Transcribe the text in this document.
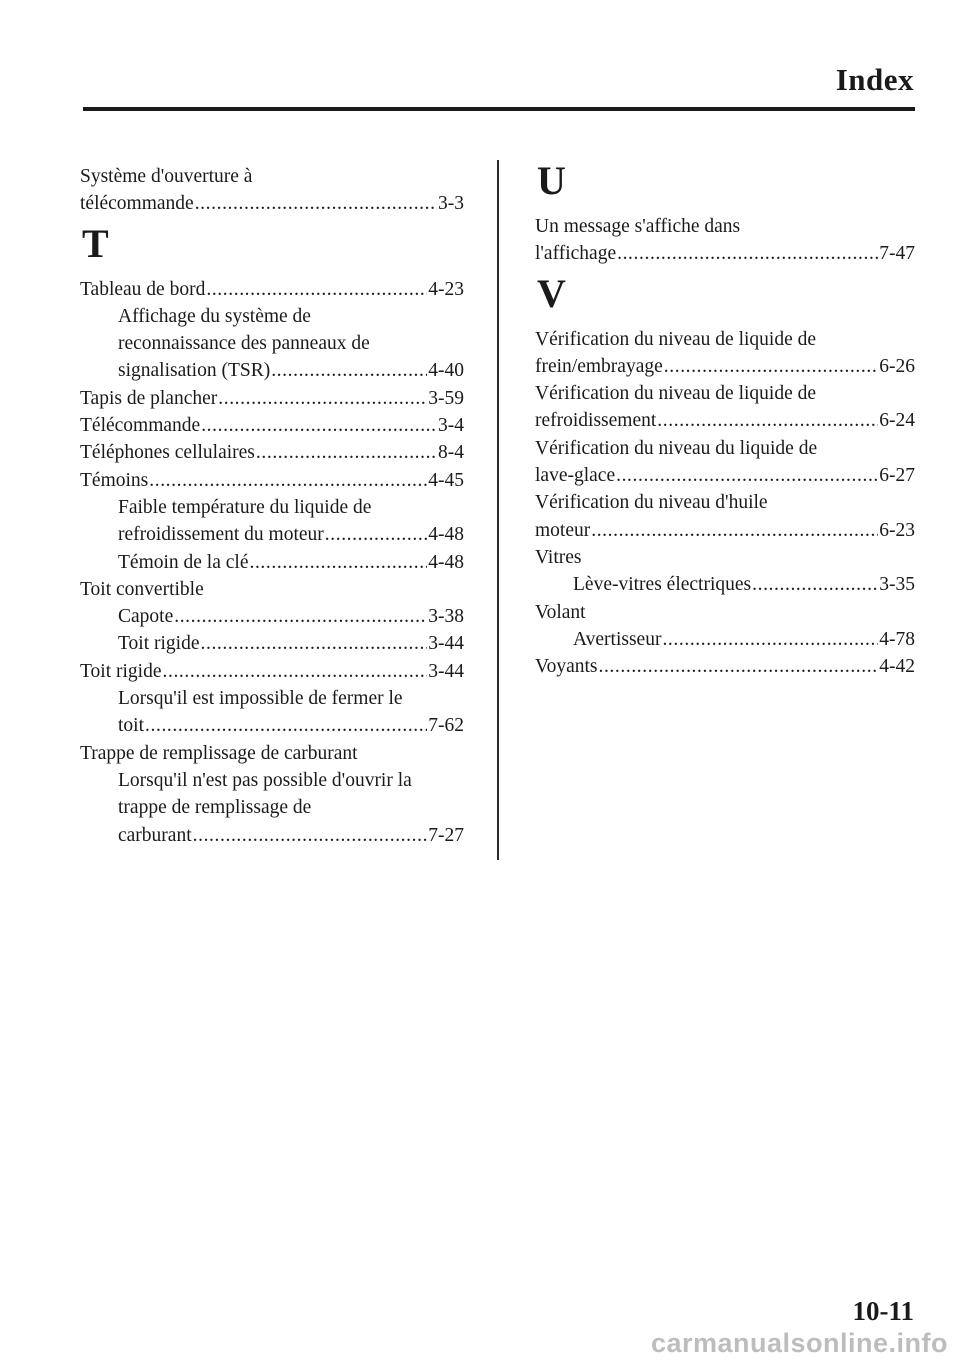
Index
Système d'ouverture à
télécommande .....	3-3
T
Tableau de bord .....	4-23
Affichage du système de
reconnaissance des panneaux de
signalisation (TSR) .....	4-40
Tapis de plancher .....	3-59
Télécommande .....	3-4
Téléphones cellulaires .....	8-4
Témoins .....	4-45
Faible température du liquide de
refroidissement du moteur .....	4-48
Témoin de la clé .....	4-48
Toit convertible
Capote .....	3-38
Toit rigide .....	3-44
Toit rigide .....	3-44
Lorsqu'il est impossible de fermer le
toit .....	7-62
Trappe de remplissage de carburant
Lorsqu'il n'est pas possible d'ouvrir la
trappe de remplissage de
carburant .....	7-27
U
Un message s'affiche dans
l'affichage .....	7-47
V
Vérification du niveau de liquide de
frein/embrayage .....	6-26
Vérification du niveau de liquide de
refroidissement .....	6-24
Vérification du niveau du liquide de
lave-glace .....	6-27
Vérification du niveau d'huile
moteur .....	6-23
Vitres
Lève-vitres électriques .....	3-35
Volant
Avertisseur .....	4-78
Voyants .....	4-42
10-11
carmanualsonline.info
